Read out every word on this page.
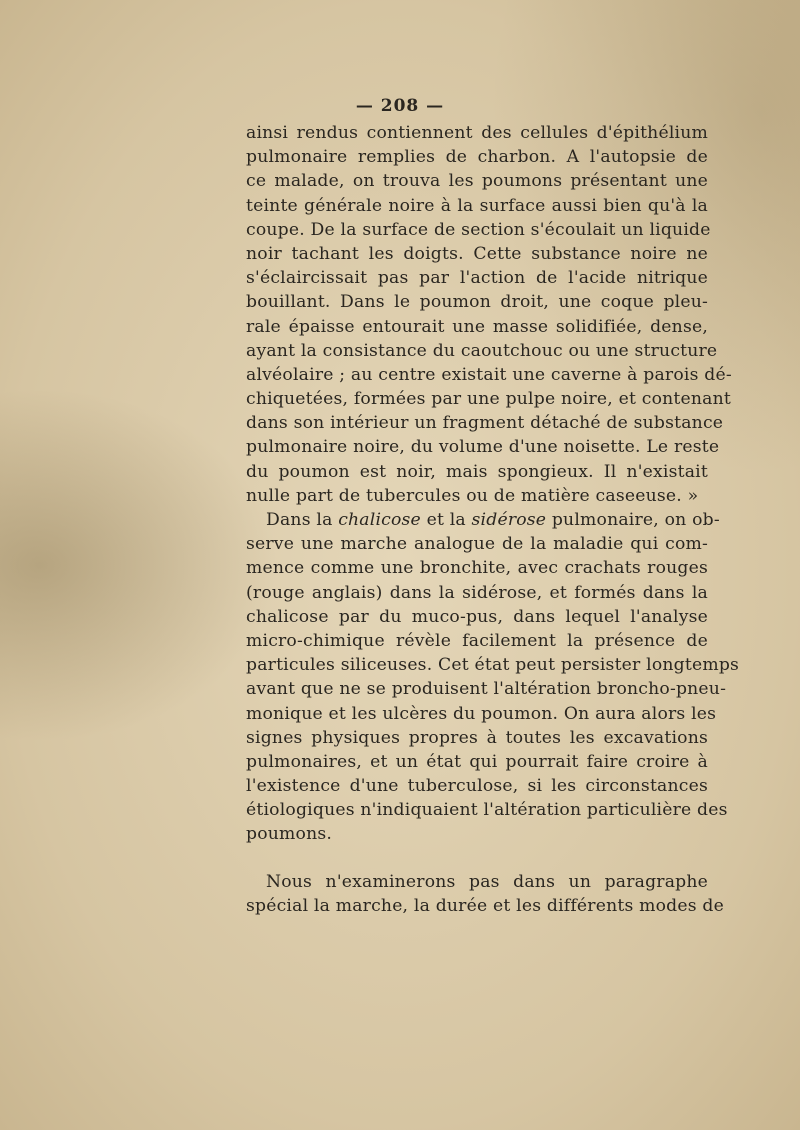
— 208 —
ainsi rendus contiennent des cellules d'épithélium
pulmonaire remplies de charbon. A l'autopsie de
ce malade, on trouva les poumons présentant une
teinte générale noire à la surface aussi bien qu'à la
coupe. De la surface de section s'écoulait un liquide
noir tachant les doigts. Cette substance noire ne
s'éclaircissait pas par l'action de l'acide nitrique
bouillant. Dans le poumon droit, une coque pleu-
rale épaisse entourait une masse solidifiée, dense,
ayant la consistance du caoutchouc ou une structure
alvéolaire ; au centre existait une caverne à parois dé-
chiquetées, formées par une pulpe noire, et contenant
dans son intérieur un fragment détaché de substance
pulmonaire noire, du volume d'une noisette. Le reste
du poumon est noir, mais spongieux. Il n'existait
nulle part de tubercules ou de matière caseeuse. »
Dans la chalicose et la sidérose pulmonaire, on ob-
serve une marche analogue de la maladie qui com-
mence comme une bronchite, avec crachats rouges
(rouge anglais) dans la sidérose, et formés dans la
chalicose par du muco-pus, dans lequel l'analyse
micro-chimique révèle facilement la présence de
particules siliceuses. Cet état peut persister longtemps
avant que ne se produisent l'altération broncho-pneu-
monique et les ulcères du poumon. On aura alors les
signes physiques propres à toutes les excavations
pulmonaires, et un état qui pourrait faire croire à
l'existence d'une tuberculose, si les circonstances
étiologiques n'indiquaient l'altération particulière des
poumons.
Nous n'examinerons pas dans un paragraphe
spécial la marche, la durée et les différents modes de
